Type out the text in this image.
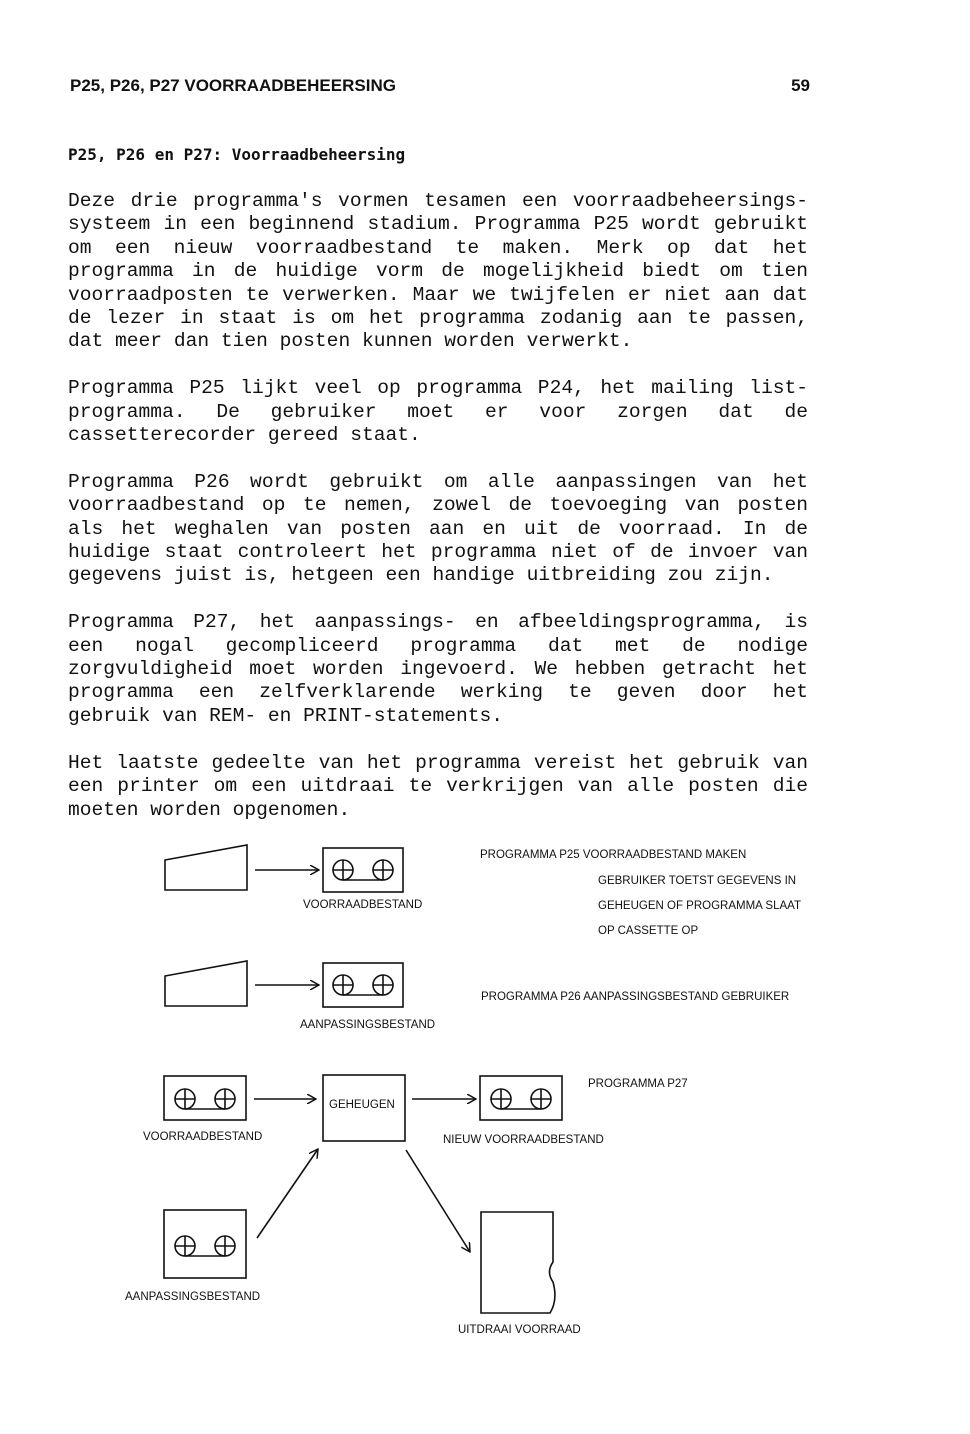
P25, P26, P27 VOORRAADBEHEERSING	59
P25, P26 en P27: Voorraadbeheersing

Deze drie programma's vormen tesamen een voorraadbeheersings-systeem in een beginnend stadium. Programma P25 wordt gebruikt om een nieuw voorraadbestand te maken. Merk op dat het programma in de huidige vorm de mogelijkheid biedt om tien voorraadposten te verwerken. Maar we twijfelen er niet aan dat de lezer in staat is om het programma zodanig aan te passen, dat meer dan tien posten kunnen worden verwerkt.

Programma P25 lijkt veel op programma P24, het mailing list-programma. De gebruiker moet er voor zorgen dat de cassetterecorder gereed staat.

Programma P26 wordt gebruikt om alle aanpassingen van het voorraadbestand op te nemen, zowel de toevoeging van posten als het weghalen van posten aan en uit de voorraad. In de huidige staat controleert het programma niet of de invoer van gegevens juist is, hetgeen een handige uitbreiding zou zijn.

Programma P27, het aanpassings- en afbeeldingsprogramma, is een nogal gecompliceerd programma dat met de nodige zorgvuldigheid moet worden ingevoerd. We hebben getracht het programma een zelfverklarende werking te geven door het gebruik van REM- en PRINT-statements.

Het laatste gedeelte van het programma vereist het gebruik van een printer om een uitdraai te verkrijgen van alle posten die moeten worden opgenomen.

VOORRAADBESTAND
PROGRAMMA P25 VOORRAADBESTAND MAKEN
GEBRUIKER TOETST GEGEVENS IN
GEHEUGEN OF PROGRAMMA SLAAT
OP CASSETTE OP
AANPASSINGSBESTAND
PROGRAMMA P26 AANPASSINGSBESTAND GEBRUIKER
VOORRAADBESTAND
GEHEUGEN
NIEUW VOORRAADBESTAND
PROGRAMMA P27
AANPASSINGSBESTAND
UITDRAAI VOORRAAD
